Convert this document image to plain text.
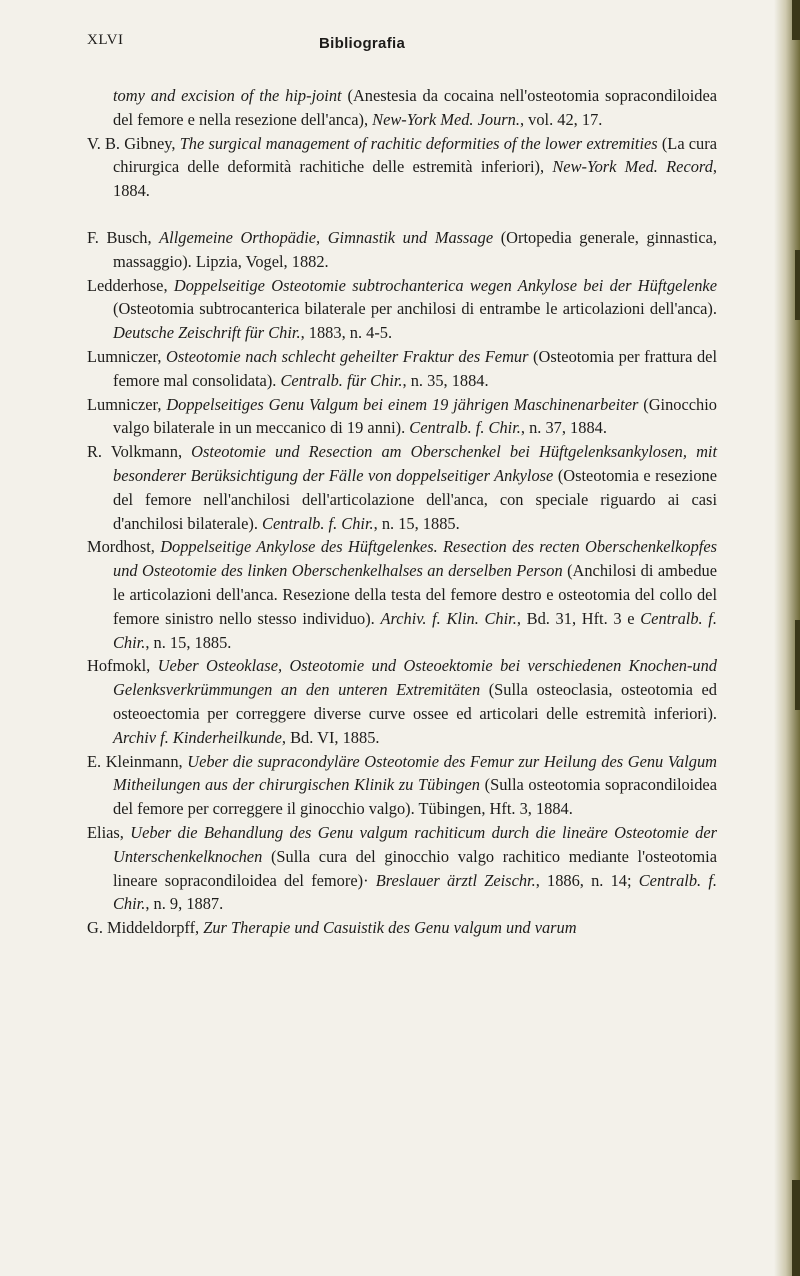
XLVI	Bibliografia

tomy and excision of the hip-joint (Anestesia da cocaina nell'osteotomia sopracondiloidea del femore e nella resezione dell'anca), New-York Med. Journ., vol. 42, 17.

V. B. Gibney, The surgical management of rachitic deformities of the lower extremities (La cura chirurgica delle deformità rachitiche delle estremità inferiori), New-York Med. Record, 1884.

F. Busch, Allgemeine Orthopädie, Gimnastik und Massage (Ortopedia generale, ginnastica, massaggio). Lipzia, Vogel, 1882.

Ledderhose, Doppelseitige Osteotomie subtrochanterica wegen Ankylose bei der Hüftgelenke (Osteotomia subtrocanterica bilaterale per anchilosi di entrambe le articolazioni dell'anca). Deutsche Zeischrift für Chir., 1883, n. 4-5.

Lumniczer, Osteotomie nach schlecht geheilter Fraktur des Femur (Osteotomia per frattura del femore mal consolidata). Centralb. für Chir., n. 35, 1884.

Lumniczer, Doppelseitiges Genu Valgum bei einem 19 jährigen Maschinenarbeiter (Ginocchio valgo bilaterale in un meccanico di 19 anni). Centralb. f. Chir., n. 37, 1884.

R. Volkmann, Osteotomie und Resection am Oberschenkel bei Hüftgelenksankylosen, mit besonderer Berüksichtigung der Fälle von doppelseitiger Ankylose (Osteotomia e resezione del femore nell'anchilosi dell'articolazione dell'anca, con speciale riguardo ai casi d'anchilosi bilaterale). Centralb. f. Chir., n. 15, 1885.

Mordhost, Doppelseitige Ankylose des Hüftgelenkes. Resection des recten Oberschenkelkopfes und Osteotomie des linken Oberschenkelhalses an derselben Person (Anchilosi di ambedue le articolazioni dell'anca. Resezione della testa del femore destro e osteotomia del collo del femore sinistro nello stesso individuo). Archiv. f. Klin. Chir., Bd. 31, Hft. 3 e Centralb. f. Chir., n. 15, 1885.

Hofmokl, Ueber Osteoklase, Osteotomie und Osteoektomie bei verschiedenen Knochen-und Gelenksverkrümmungen an den unteren Extremitäten (Sulla osteoclasia, osteotomia ed osteoectomia per correggere diverse curve ossee ed articolari delle estremità inferiori). Archiv f. Kinderheilkunde, Bd. VI, 1885.

E. Kleinmann, Ueber die supracondyläre Osteotomie des Femur zur Heilung des Genu Valgum Mitheilungen aus der chirurgischen Klinik zu Tübingen (Sulla osteotomia sopracondiloidea del femore per correggere il ginocchio valgo). Tübingen, Hft. 3, 1884.

Elias, Ueber die Behandlung des Genu valgum rachiticum durch die lineäre Osteotomie der Unterschenkelknochen (Sulla cura del ginocchio valgo rachitico mediante l'osteotomia lineare sopracondiloidea del femore)· Breslauer ärztl Zeischr., 1886, n. 14; Centralb. f. Chir., n. 9, 1887.

G. Middeldorpff, Zur Therapie und Casuistik des Genu valgum und varum
